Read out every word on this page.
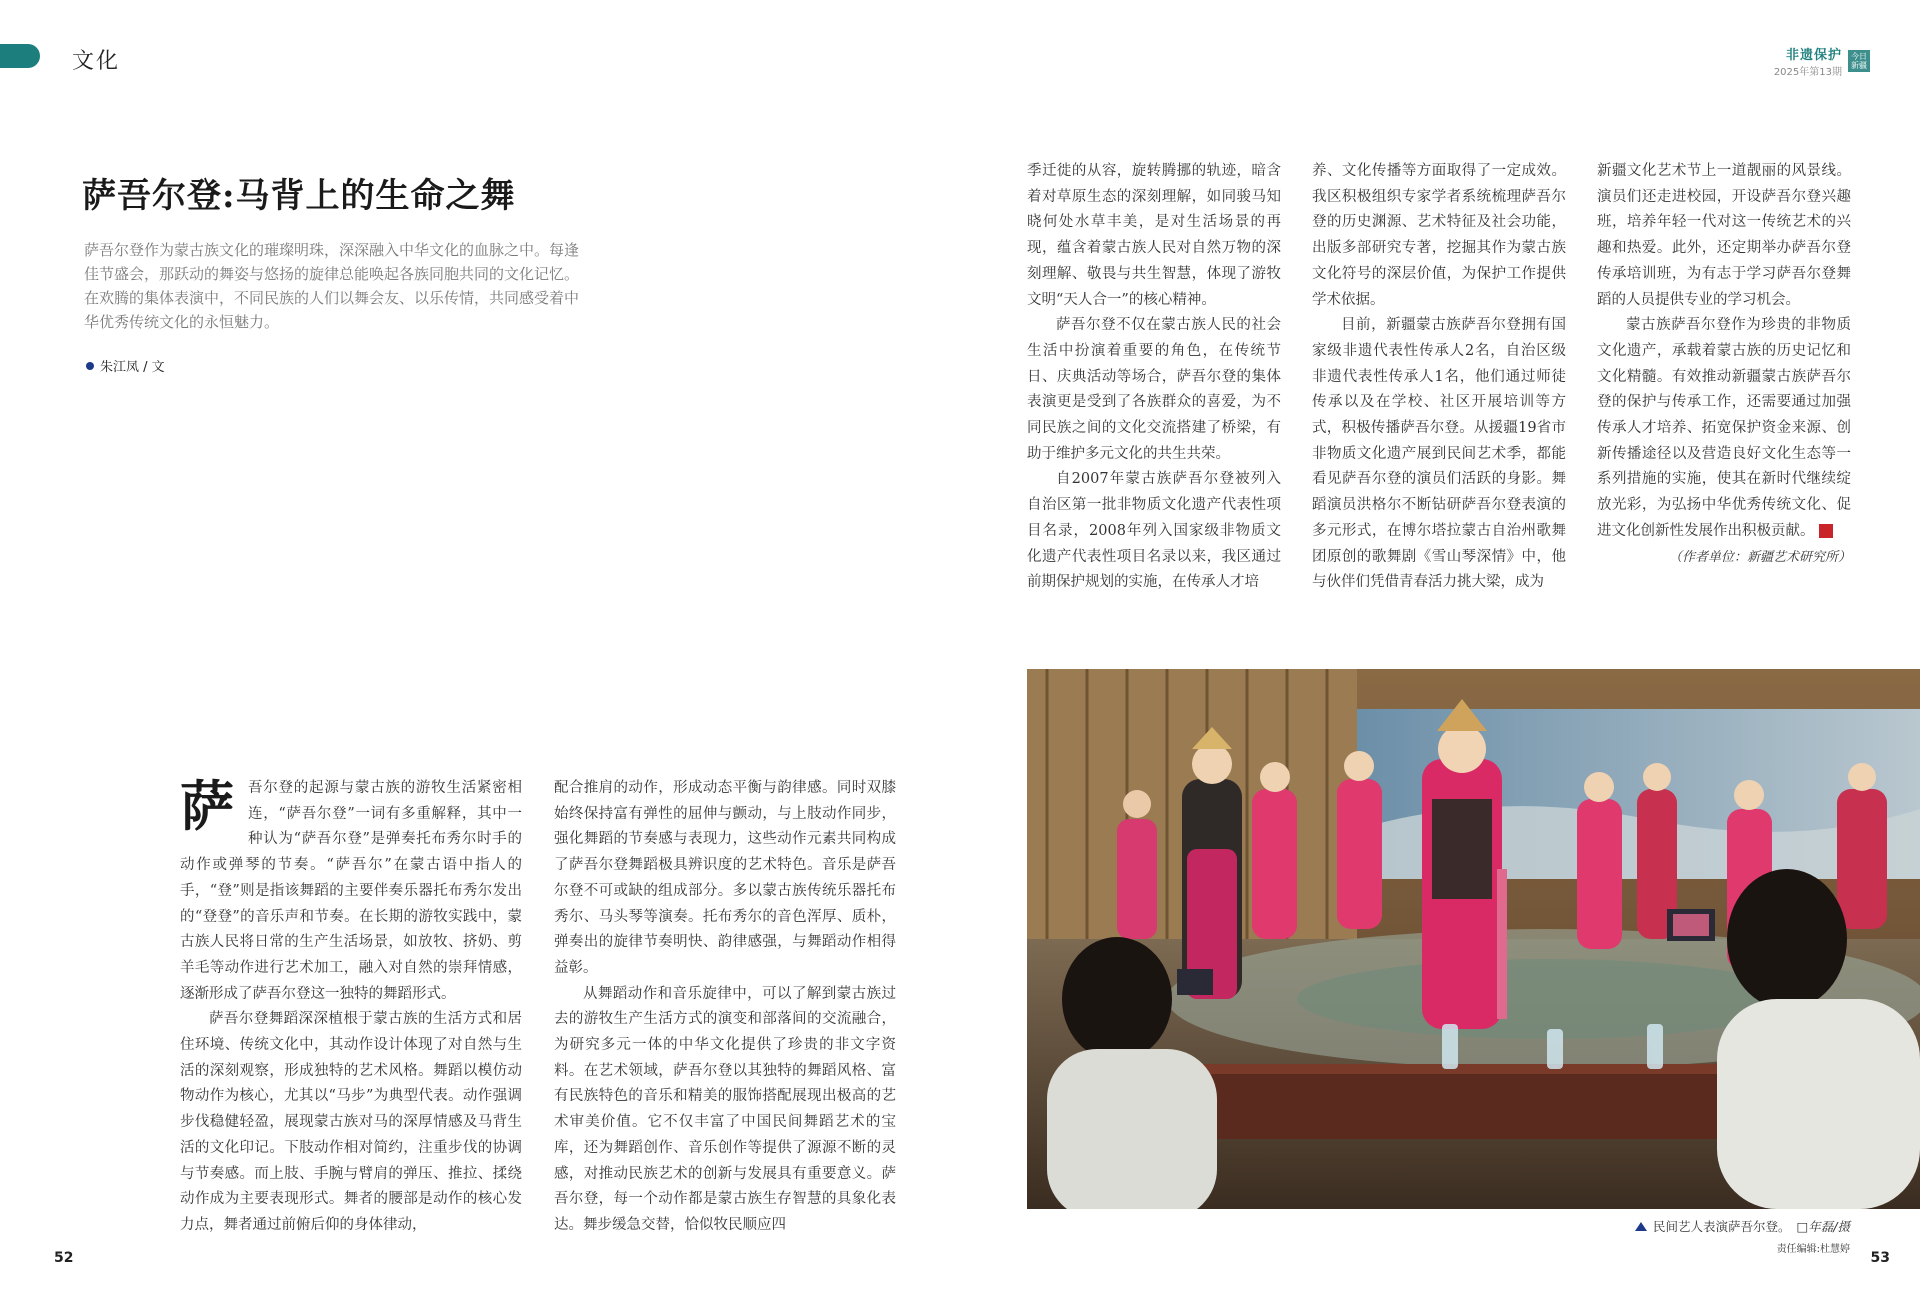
文化	非遗保护
2025年第13期
今日新疆
萨吾尔登:马背上的生命之舞
萨吾尔登作为蒙古族文化的璀璨明珠，深深融入中华文化的血脉之中。每逢佳节盛会，那跃动的舞姿与悠扬的旋律总能唤起各族同胞共同的文化记忆。在欢腾的集体表演中，不同民族的人们以舞会友、以乐传情，共同感受着中华优秀传统文化的永恒魅力。
朱江凤 / 文
萨 吾尔登的起源与蒙古族的游牧生活紧密相连，“萨吾尔登”一词有多重解释，其中一种认为“萨吾尔登”是弹奏托布秀尔时手的动作或弹琴的节奏。“萨吾尔”在蒙古语中指人的手，“登”则是指该舞蹈的主要伴奏乐器托布秀尔发出的“登登”的音乐声和节奏。在长期的游牧实践中，蒙古族人民将日常的生产生活场景，如放牧、挤奶、剪羊毛等动作进行艺术加工，融入对自然的崇拜情感，逐渐形成了萨吾尔登这一独特的舞蹈形式。

萨吾尔登舞蹈深深植根于蒙古族的生活方式和居住环境、传统文化中，其动作设计体现了对自然与生活的深刻观察，形成独特的艺术风格。舞蹈以模仿动物动作为核心，尤其以“马步”为典型代表。动作强调步伐稳健轻盈，展现蒙古族对马的深厚情感及马背生活的文化印记。下肢动作相对简约，注重步伐的协调与节奏感。而上肢、手腕与臂肩的弹压、推拉、揉绕动作成为主要表现形式。舞者的腰部是动作的核心发力点，舞者通过前俯后仰的身体律动，

配合推肩的动作，形成动态平衡与韵律感。同时双膝始终保持富有弹性的屈伸与颤动，与上肢动作同步，强化舞蹈的节奏感与表现力，这些动作元素共同构成了萨吾尔登舞蹈极具辨识度的艺术特色。音乐是萨吾尔登不可或缺的组成部分。多以蒙古族传统乐器托布秀尔、马头琴等演奏。托布秀尔的音色浑厚、质朴，弹奏出的旋律节奏明快、韵律感强，与舞蹈动作相得益彰。

从舞蹈动作和音乐旋律中，可以了解到蒙古族过去的游牧生产生活方式的演变和部落间的交流融合，为研究多元一体的中华文化提供了珍贵的非文字资料。在艺术领域，萨吾尔登以其独特的舞蹈风格、富有民族特色的音乐和精美的服饰搭配展现出极高的艺术审美价值。它不仅丰富了中国民间舞蹈艺术的宝库，还为舞蹈创作、音乐创作等提供了源源不断的灵感，对推动民族艺术的创新与发展具有重要意义。萨吾尔登，每一个动作都是蒙古族生存智慧的具象化表达。舞步缓急交替，恰似牧民顺应四

季迁徙的从容，旋转腾挪的轨迹，暗含着对草原生态的深刻理解，如同骏马知晓何处水草丰美，是对生活场景的再现，蕴含着蒙古族人民对自然万物的深刻理解、敬畏与共生智慧，体现了游牧文明“天人合一”的核心精神。

萨吾尔登不仅在蒙古族人民的社会生活中扮演着重要的角色，在传统节日、庆典活动等场合，萨吾尔登的集体表演更是受到了各族群众的喜爱，为不同民族之间的文化交流搭建了桥梁，有助于维护多元文化的共生共荣。

自2007年蒙古族萨吾尔登被列入自治区第一批非物质文化遗产代表性项目名录，2008年列入国家级非物质文化遗产代表性项目名录以来，我区通过前期保护规划的实施，在传承人才培

养、文化传播等方面取得了一定成效。我区积极组织专家学者系统梳理萨吾尔登的历史渊源、艺术特征及社会功能，出版多部研究专著，挖掘其作为蒙古族文化符号的深层价值，为保护工作提供学术依据。

目前，新疆蒙古族萨吾尔登拥有国家级非遗代表性传承人2名，自治区级非遗代表性传承人1名，他们通过师徒传承以及在学校、社区开展培训等方式，积极传播萨吾尔登。从援疆19省市非物质文化遗产展到民间艺术季，都能看见萨吾尔登的演员们活跃的身影。舞蹈演员洪格尔不断钻研萨吾尔登表演的多元形式，在博尔塔拉蒙古自治州歌舞团原创的歌舞剧《雪山琴深情》中，他与伙伴们凭借青春活力挑大梁，成为

新疆文化艺术节上一道靓丽的风景线。演员们还走进校园，开设萨吾尔登兴趣班，培养年轻一代对这一传统艺术的兴趣和热爱。此外，还定期举办萨吾尔登传承培训班，为有志于学习萨吾尔登舞蹈的人员提供专业的学习机会。

蒙古族萨吾尔登作为珍贵的非物质文化遗产，承载着蒙古族的历史记忆和文化精髓。有效推动新疆蒙古族萨吾尔登的保护与传承工作，还需要通过加强传承人才培养、拓宽保护资金来源、创新传播途径以及营造良好文化生态等一系列措施的实施，使其在新时代继续绽放光彩，为弘扬中华优秀传统文化、促进文化创新性发展作出积极贡献。	J

（作者单位：新疆艺术研究所）

民间艺人表演萨吾尔登。 □年磊/摄
责任编辑:杜慧婷
52	53
